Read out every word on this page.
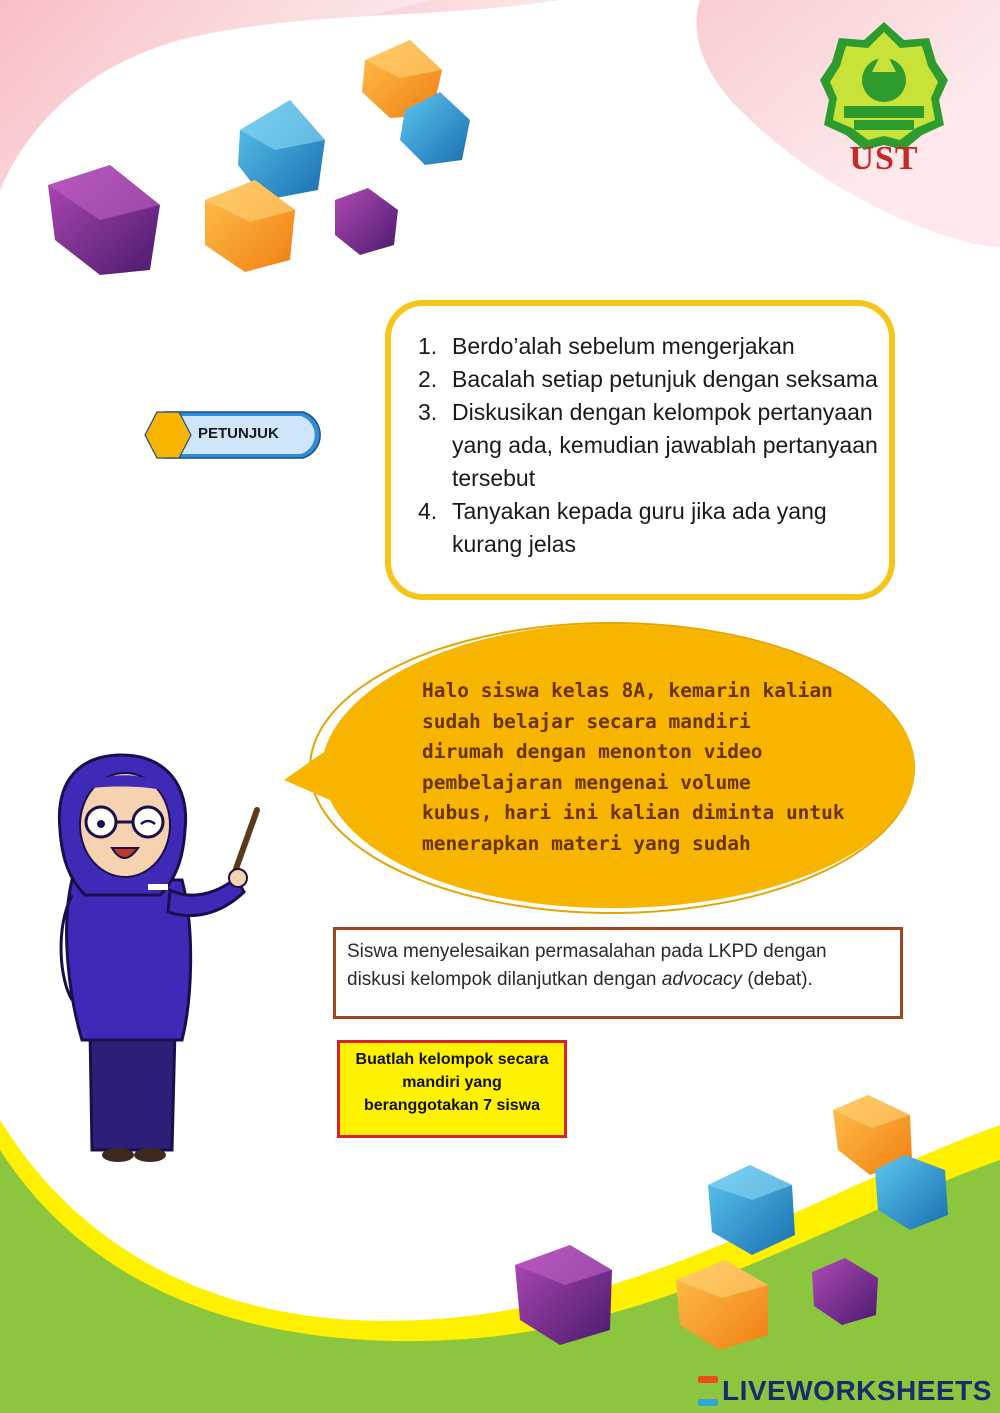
UST
PETUNJUK
1. Berdo’alah sebelum mengerjakan
2. Bacalah setiap petunjuk dengan seksama
3. Diskusikan dengan kelompok pertanyaan yang ada, kemudian jawablah pertanyaan tersebut
4. Tanyakan kepada guru jika ada yang kurang jelas
Halo siswa kelas 8A, kemarin kalian
sudah belajar secara mandiri
dirumah dengan menonton video
pembelajaran mengenai volume
kubus, hari ini kalian diminta untuk
menerapkan materi yang sudah
Siswa menyelesaikan permasalahan pada LKPD dengan
diskusi kelompok dilanjutkan dengan advocacy (debat).
Buatlah kelompok secara
mandiri yang
beranggotakan 7 siswa
LIVEWORKSHEETS
